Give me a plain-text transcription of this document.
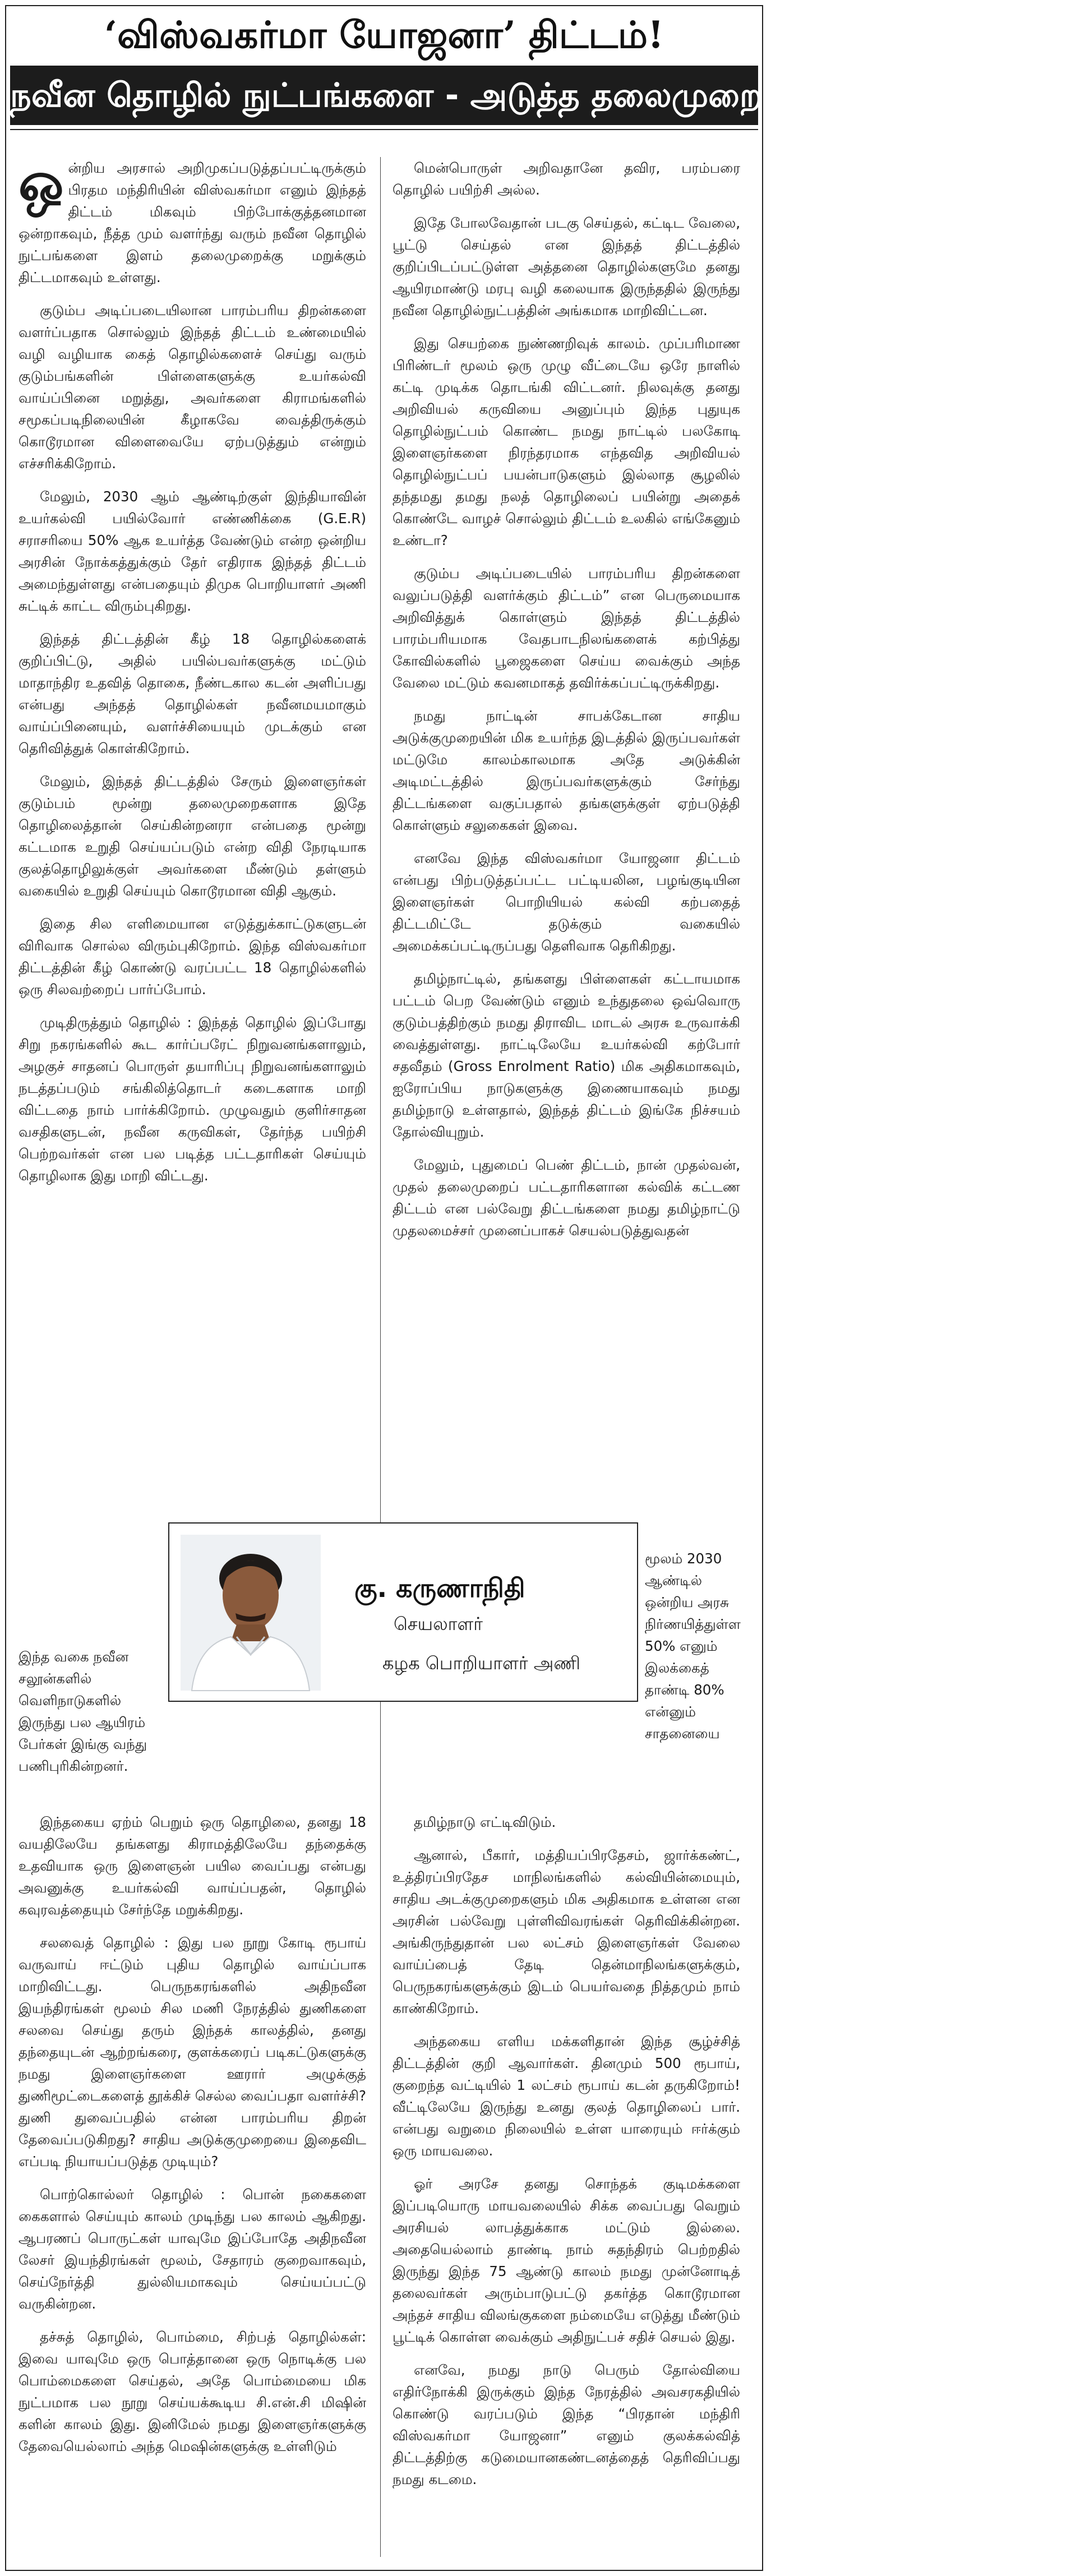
‘விஸ்வகர்மா யோஜனா’ திட்டம்!
நவீன தொழில் நுட்பங்களை - அடுத்த தலைமுறை கற்பதைத் தடுக்கும்!

ஒன்றிய அரசால் அறிமுகப்படுத்தப்பட்டிருக்கும் பிரதம மந்திரியின் விஸ்வகர்மா எனும் இந்தத் திட்டம் மிகவும் பிற்போக்குத்தனமான ஒன்றாகவும், நீத்த மும் வளர்ந்து வரும் நவீன தொழில் நுட்பங்களை இளம் தலைமுறைக்கு மறுக்கும் திட்டமாகவும் உள்ளது.

குடும்ப அடிப்படையிலான பாரம்பரிய திறன்களை வளர்ப்பதாக சொல்லும் இந்தத் திட்டம் உண்மையில் வழி வழியாக கைத் தொழில்களைச் செய்து வரும் குடும்பங்களின் பிள்ளைகளுக்கு உயர்கல்வி வாய்ப்பினை மறுத்து, அவர்களை கிராமங்களில் சமூகப்படிநிலையின் கீழாகவே வைத்திருக்கும் கொடூரமான விளைவையே ஏற்படுத்தும் என்றும் எச்சரிக்கிறோம்.

மேலும், 2030 ஆம் ஆண்டிற்குள் இந்தியாவின் உயர்கல்வி பயில்வோர் எண்ணிக்கை (G.E.R) சராசரியை 50% ஆக உயர்த்த வேண்டும் என்ற ஒன்றிய அரசின் நோக்கத்துக்கும் தேர் எதிராக இந்தத் திட்டம் அமைந்துள்ளது என்பதையும் திமுக பொறியாளர் அணி சுட்டிக் காட்ட விரும்புகிறது.

இந்தத் திட்டத்தின் கீழ் 18 தொழில்களைக் குறிப்பிட்டு, அதில் பயில்பவர்களுக்கு மட்டும் மாதாந்திர உதவித் தொகை, நீண்டகால கடன் அளிப்பது என்பது அந்தத் தொழில்கள் நவீனமயமாகும் வாய்ப்பினையும், வளர்ச்சியையும் முடக்கும் என தெரிவித்துக் கொள்கிறோம்.

மேலும், இந்தத் திட்டத்தில் சேரும் இளைஞர்கள் குடும்பம் மூன்று தலைமுறைகளாக இதே தொழிலைத்தான் செய்கின்றனரா என்பதை மூன்று கட்டமாக உறுதி செய்யப்படும் என்ற விதி நேரடியாக குலத்தொழிலுக்குள் அவர்களை மீண்டும் தள்ளும் வகையில் உறுதி செய்யும் கொடூரமான விதி ஆகும்.

இதை சில எளிமையான எடுத்துக்காட்டுகளுடன் விரிவாக சொல்ல விரும்புகிறோம். இந்த விஸ்வகர்மா திட்டத்தின் கீழ் கொண்டு வரப்பட்ட 18 தொழில்களில் ஒரு சிலவற்றைப் பார்ப்போம்.

முடிதிருத்தும் தொழில் : இந்தத் தொழில் இப்போது சிறு நகரங்களில் கூட கார்ப்பரேட் நிறுவனங்களாலும், அழகுச் சாதனப் பொருள் தயாரிப்பு நிறுவனங்களாலும் நடத்தப்படும் சங்கிலித்தொடர் கடைகளாக மாறி விட்டதை நாம் பார்க்கிறோம். முழுவதும் குளிர்சாதன வசதிகளுடன், நவீன கருவிகள், தேர்ந்த பயிற்சி பெற்றவர்கள் என பல படித்த பட்டதாரிகள் செய்யும் தொழிலாக இது மாறி விட்டது.

இந்த வகை நவீன சலூன்களில் வெளிநாடுகளில் இருந்து பல ஆயிரம் பேர்கள் இங்கு வந்து பணிபுரிகின்றனர்.

மென்பொருள் அறிவதானே தவிர, பரம்பரை தொழில் பயிற்சி அல்ல.

இதே போலவேதான் படகு செய்தல், கட்டிட வேலை, பூட்டு செய்தல் என இந்தத் திட்டத்தில் குறிப்பிடப்பட்டுள்ள அத்தனை தொழில்களுமே தனது ஆயிரமாண்டு மரபு வழி கலையாக இருந்ததில் இருந்து நவீன தொழில்நுட்பத்தின் அங்கமாக மாறிவிட்டன.

இது செயற்கை நுண்ணறிவுக் காலம். முப்பரிமாண பிரிண்டர் மூலம் ஒரு முழு வீட்டையே ஒரே நாளில் கட்டி முடிக்க தொடங்கி விட்டனர். நிலவுக்கு தனது அறிவியல் கருவியை அனுப்பும் இந்த புதுயுக தொழில்நுட்பம் கொண்ட நமது நாட்டில் பலகோடி இளைஞர்களை நிரந்தரமாக எந்தவித அறிவியல் தொழில்நுட்பப் பயன்பாடுகளும் இல்லாத சூழலில் தந்தமது தமது நலத் தொழிலைப் பயின்று அதைக் கொண்டே வாழச் சொல்லும் திட்டம் உலகில் எங்கேனும் உண்டா?

குடும்ப அடிப்படையில் பாரம்பரிய திறன்களை வலுப்படுத்தி வளர்க்கும் திட்டம்” என பெருமையாக அறிவித்துக் கொள்ளும் இந்தத் திட்டத்தில் பாரம்பரியமாக வேதபாடநிலங்களைக் கற்பித்து கோவில்களில் பூஜைகளை செய்ய வைக்கும் அந்த வேலை மட்டும் கவனமாகத் தவிர்க்கப்பட்டிருக்கிறது.

நமது நாட்டின் சாபக்கேடான சாதிய அடுக்குமுறையின் மிக உயர்ந்த இடத்தில் இருப்பவர்கள் மட்டுமே காலம்காலமாக அதே அடுக்கின் அடிமட்டத்தில் இருப்பவர்களுக்கும் சேர்ந்து திட்டங்களை வகுப்பதால் தங்களுக்குள் ஏற்படுத்தி கொள்ளும் சலுகைகள் இவை.

எனவே இந்த விஸ்வகர்மா யோஜனா திட்டம் என்பது பிற்படுத்தப்பட்ட பட்டியலின, பழங்குடியின இளைஞர்கள் பொறியியல் கல்வி கற்பதைத் திட்டமிட்டே தடுக்கும் வகையில் அமைக்கப்பட்டிருப்பது தெளிவாக தெரிகிறது.

தமிழ்நாட்டில், தங்களது பிள்ளைகள் கட்டாயமாக பட்டம் பெற வேண்டும் எனும் உந்துதலை ஒவ்வொரு குடும்பத்திற்கும் நமது திராவிட மாடல் அரசு உருவாக்கி வைத்துள்ளது. நாட்டிலேயே உயர்கல்வி கற்போர் சதவீதம் (Gross Enrolment Ratio) மிக அதிகமாகவும், ஐரோப்பிய நாடுகளுக்கு இணையாகவும் நமது தமிழ்நாடு உள்ளதால், இந்தத் திட்டம் இங்கே நிச்சயம் தோல்வியுறும்.

மேலும், புதுமைப் பெண் திட்டம், நான் முதல்வன், முதல் தலைமுறைப் பட்டதாரிகளான கல்விக் கட்டண திட்டம் என பல்வேறு திட்டங்களை நமது தமிழ்நாட்டு முதலமைச்சர் முனைப்பாகச் செயல்படுத்துவதன்

மூலம் 2030 ஆண்டில் ஒன்றிய அரசு நிர்ணயித்துள்ள 50% எனும் இலக்கைத் தாண்டி 80% என்னும் சாதனையை
கு. கருணாநிதி
செயலாளர்
கழக பொறியாளர் அணி

இந்தகைய ஏற்ம் பெறும் ஒரு தொழிலை, தனது 18 வயதிலேயே தங்களது கிராமத்திலேயே தந்தைக்கு உதவியாக ஒரு இளைஞன் பயில வைப்பது என்பது அவனுக்கு உயர்கல்வி வாய்ப்பதன், தொழில் கவுரவத்தையும் சேர்ந்தே மறுக்கிறது.

சலவைத் தொழில் : இது பல நூறு கோடி ரூபாய் வருவாய் ஈட்டும் புதிய தொழில் வாய்ப்பாக மாறிவிட்டது. பெருநகரங்களில் அதிநவீன இயந்திரங்கள் மூலம் சில மணி நேரத்தில் துணிகளை சலவை செய்து தரும் இந்தக் காலத்தில், தனது தந்தையுடன் ஆற்றங்கரை, குளக்கரைப் படிகட்டுகளுக்கு நமது இளைஞர்களை ஊரார் அழுக்குத் துணிமூட்டைகளைத் தூக்கிச் செல்ல வைப்பதா வளர்ச்சி? துணி துவைப்பதில் என்ன பாரம்பரிய திறன் தேவைப்படுகிறது? சாதிய அடுக்குமுறையை இதைவிட எப்படி நியாயப்படுத்த முடியும்?

பொற்கொல்லர் தொழில் : பொன் நகைகளை கைகளால் செய்யும் காலம் முடிந்து பல காலம் ஆகிறது. ஆபரணப் பொருட்கள் யாவுமே இப்போதே அதிநவீன லேசர் இயந்திரங்கள் மூலம், சேதாரம் குறைவாகவும், செய்நேர்த்தி துல்லியமாகவும் செய்யப்பட்டு வருகின்றன.

தச்சுத் தொழில், பொம்மை, சிற்பத் தொழில்கள்: இவை யாவுமே ஒரு பொத்தானை ஒரு நொடிக்கு பல பொம்மைகளை செய்தல், அதே பொம்மையை மிக நுட்பமாக பல நூறு செய்யக்கூடிய சி.என்.சி மிஷின் களின் காலம் இது. இனிமேல் நமது இளைஞர்களுக்கு தேவையெல்லாம் அந்த மெஷின்களுக்கு உள்ளிடும்

தமிழ்நாடு எட்டிவிடும்.

ஆனால், பீகார், மத்தியப்பிரதேசம், ஜார்க்கண்ட், உத்திரப்பிரதேச மாநிலங்களில் கல்வியின்மையும், சாதிய அடக்குமுறைகளும் மிக அதிகமாக உள்ளன என அரசின் பல்வேறு புள்ளிவிவரங்கள் தெரிவிக்கின்றன. அங்கிருந்துதான் பல லட்சம் இளைஞர்கள் வேலை வாய்ப்பைத் தேடி தென்மாநிலங்களுக்கும், பெருநகரங்களுக்கும் இடம் பெயர்வதை நித்தமும் நாம் காண்கிறோம்.

அந்தகைய எளிய மக்களிதான் இந்த சூழ்ச்சித் திட்டத்தின் குறி ஆவார்கள். தினமும் 500 ரூபாய், குறைந்த வட்டியில் 1 லட்சம் ரூபாய் கடன் தருகிறோம்! வீட்டிலேயே இருந்து உனது குலத் தொழிலைப் பார். என்பது வறுமை நிலையில் உள்ள யாரையும் ஈர்க்கும் ஒரு மாயவலை.

ஓர் அரசே தனது சொந்தக் குடிமக்களை இப்படியொரு மாயவலையில் சிக்க வைப்பது வெறும் அரசியல் லாபத்துக்காக மட்டும் இல்லை. அதையெல்லாம் தாண்டி நாம் சுதந்திரம் பெற்றதில் இருந்து இந்த 75 ஆண்டு காலம் நமது முன்னோடித் தலைவர்கள் அரும்பாடுபட்டு தகர்த்த கொடூரமான அந்தச் சாதிய விலங்குகளை நம்மையே எடுத்து மீண்டும் பூட்டிக் கொள்ள வைக்கும் அதிநுட்பச் சதிச் செயல் இது.

எனவே, நமது நாடு பெரும் தோல்வியை எதிர்நோக்கி இருக்கும் இந்த நேரத்தில் அவசரகதியில் கொண்டு வரப்படும் இந்த “பிரதான் மந்திரி விஸ்வகர்மா யோஜனா” எனும் குலக்கல்வித் திட்டத்திற்கு கடுமையானகண்டனத்தைத் தெரிவிப்பது நமது கடமை.
